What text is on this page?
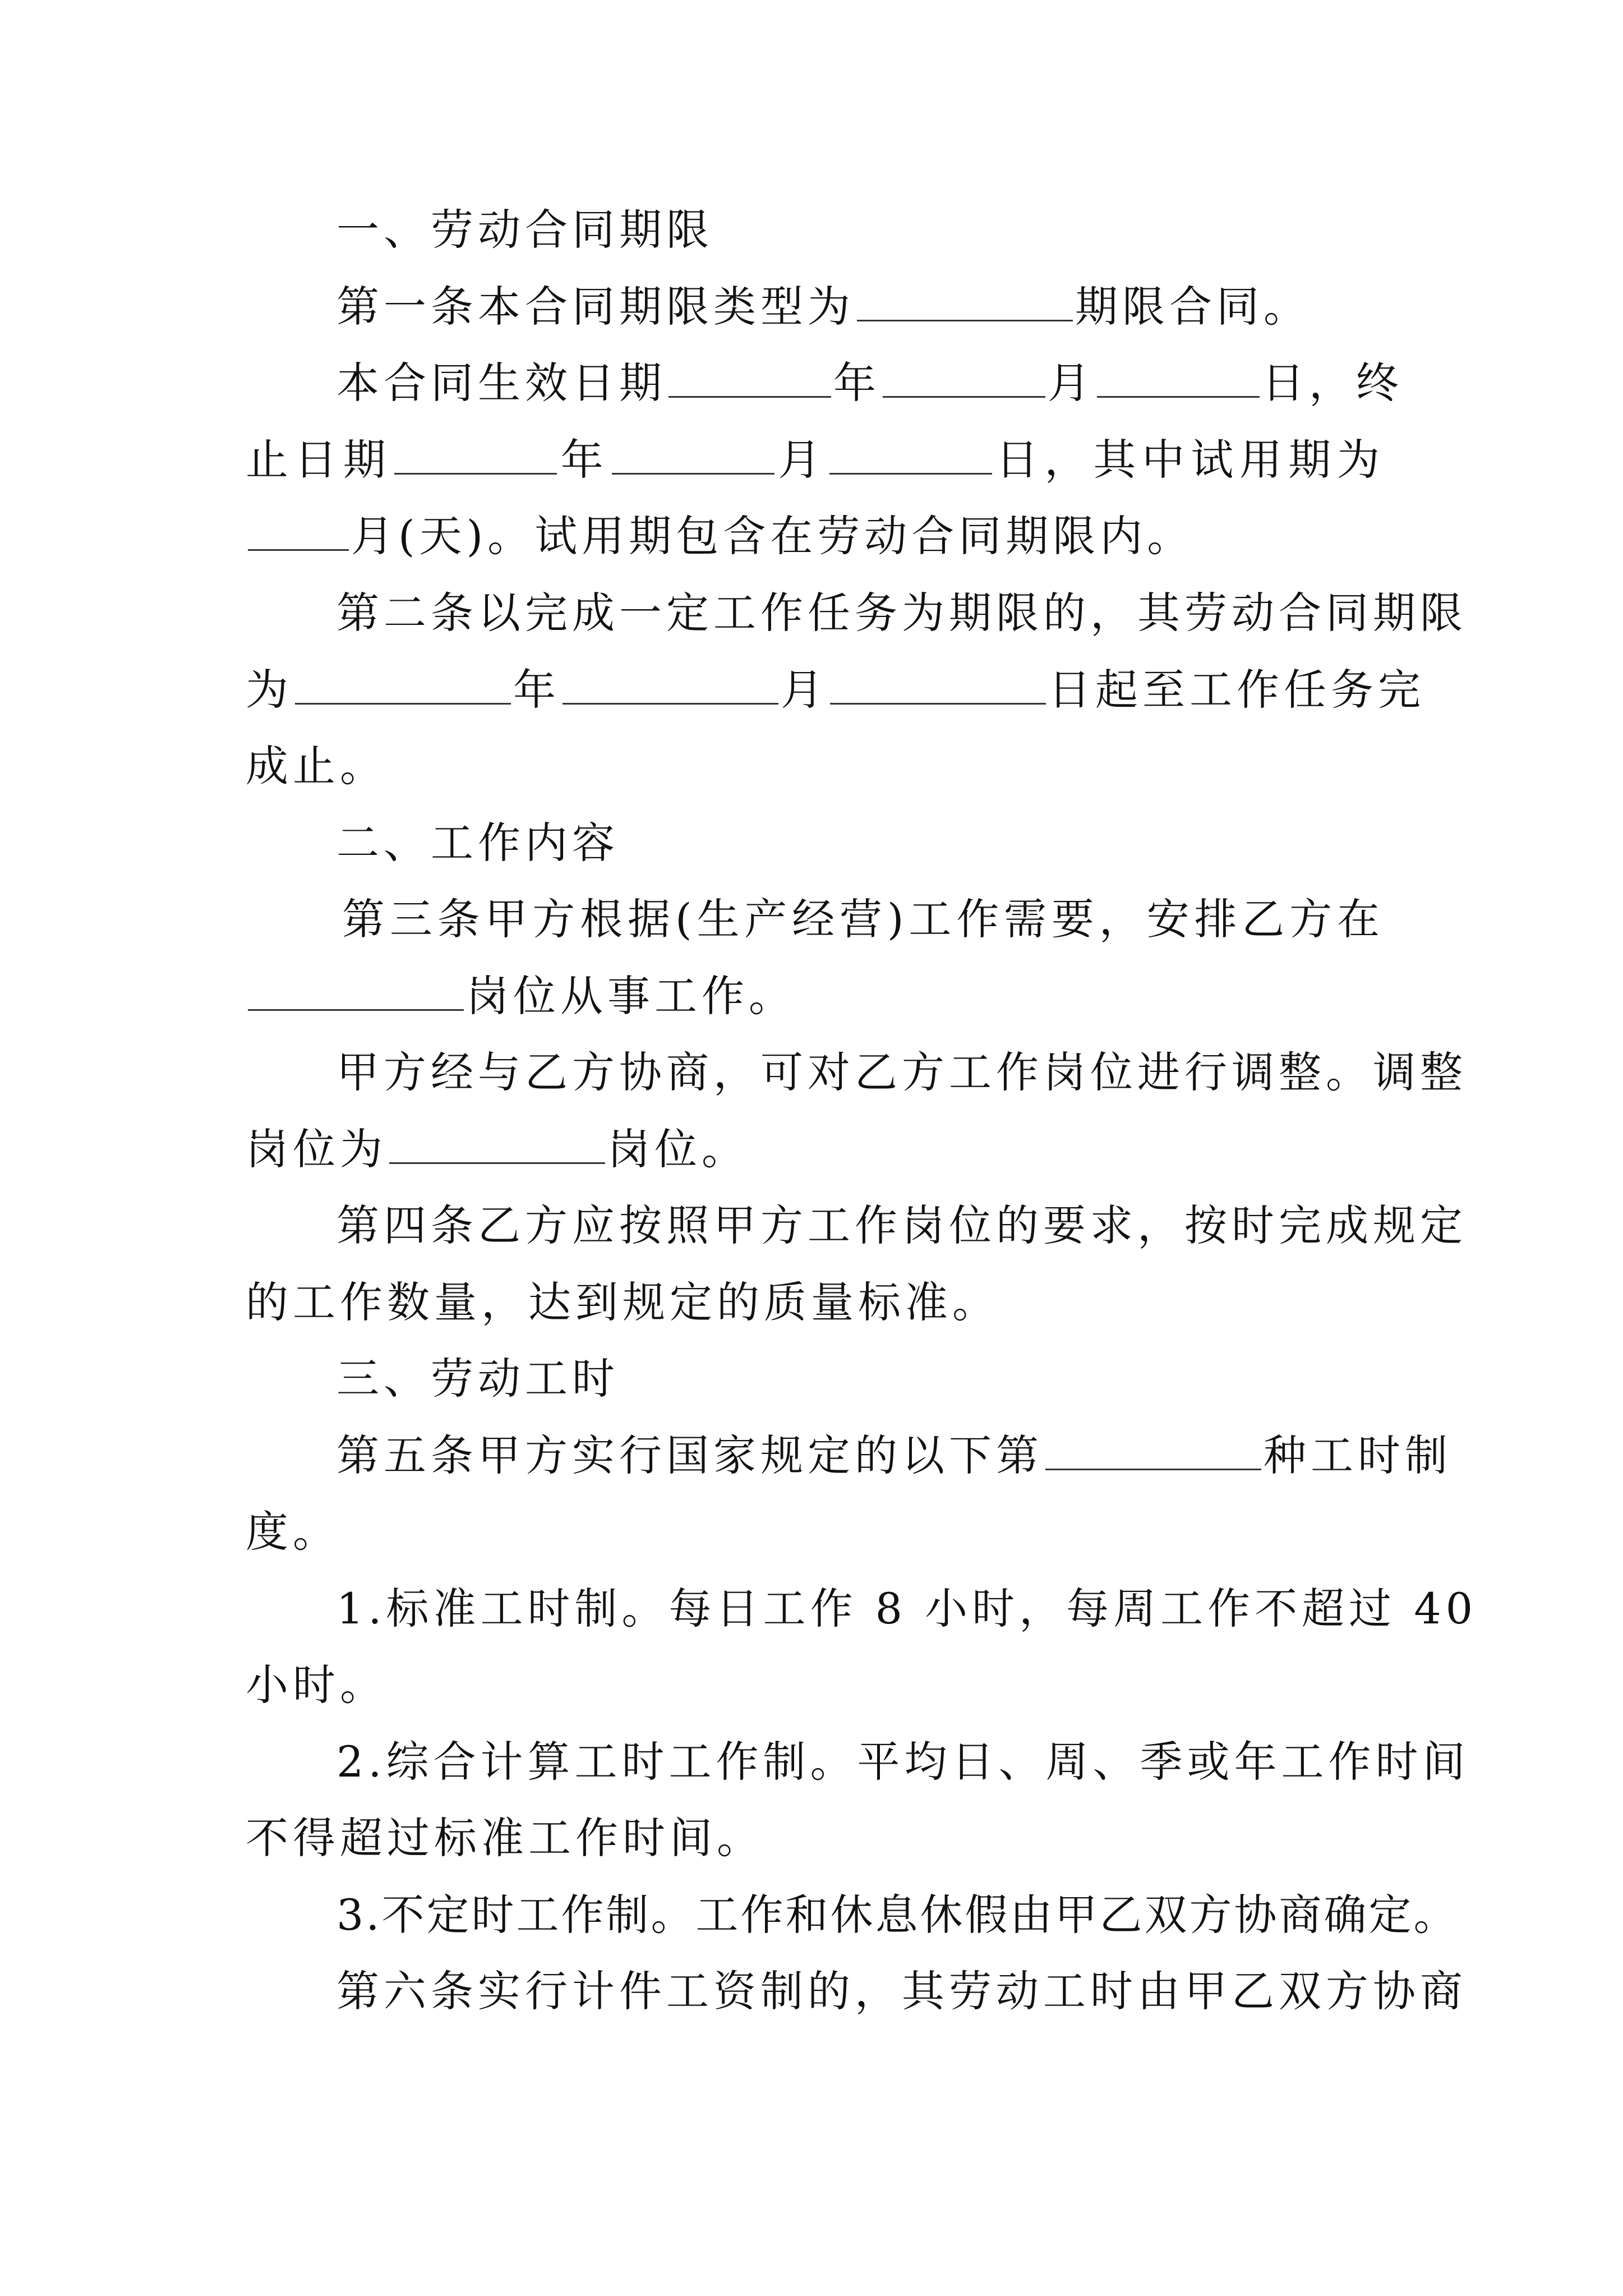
一、劳动合同期限
第一条本合同期限类型为	期限合同。
本合同生效日期	年	月	日，终
止日期	年	月	日，其中试用期为
月(天)。试用期包含在劳动合同期限内。
第二条以完成一定工作任务为期限的，其劳动合同期限
为	年	月	日起至工作任务完
成止。
二、工作内容
第三条甲方根据(生产经营)工作需要，安排乙方在
岗位从事工作。
甲方经与乙方协商，可对乙方工作岗位进行调整。调整
岗位为	岗位。
第四条乙方应按照甲方工作岗位的要求，按时完成规定
的工作数量，达到规定的质量标准。
三、劳动工时
第五条甲方实行国家规定的以下第	种工时制
度。
1.标准工时制。每日工作 8 小时，每周工作不超过 40
小时。
2.综合计算工时工作制。平均日、周、季或年工作时间
不得超过标准工作时间。
3.不定时工作制。工作和休息休假由甲乙双方协商确定。
第六条实行计件工资制的，其劳动工时由甲乙双方协商
